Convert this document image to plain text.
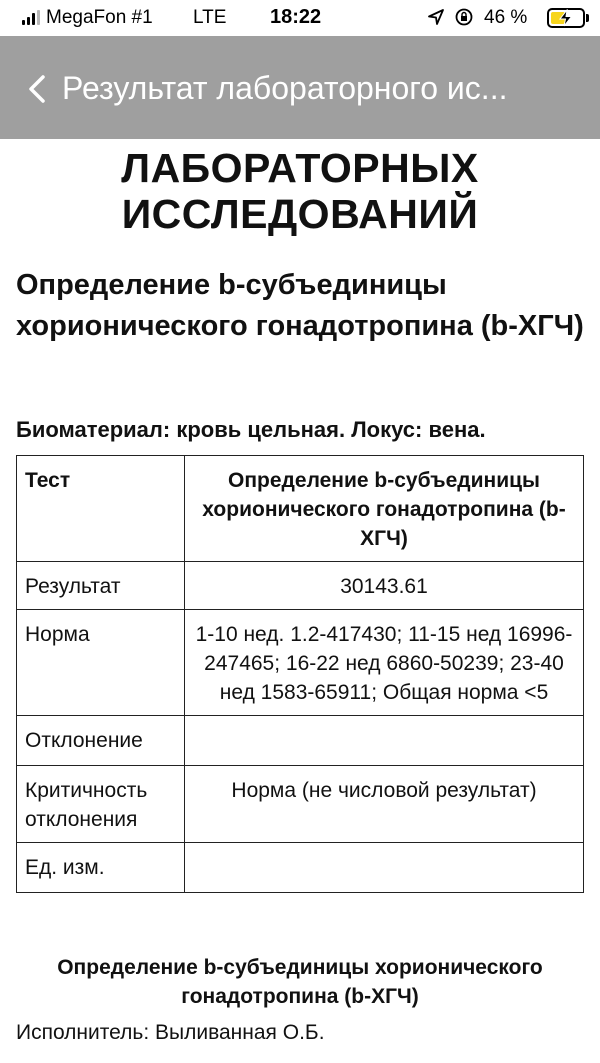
MegaFon #1 LTE 18:22	46 %
Результат лабораторного ис...
ЛАБОРАТОРНЫХ
ИССЛЕДОВАНИЙ
Определение b-субъединицы хорионического гонадотропина (b-ХГЧ)
Биоматериал: кровь цельная. Локус: вена.
Тест	Определение b-субъединицы хорионического гонадотропина (b-ХГЧ)
Результат	30143.61
Норма	1-10 нед. 1.2-417430; 11-15 нед 16996-247465; 16-22 нед 6860-50239; 23-40 нед 1583-65911; Общая норма <5
Отклонение	
Критичность отклонения	Норма (не числовой результат)
Ед. изм.	
Определение b-субъединицы хорионического гонадотропина (b-ХГЧ)
Исполнитель: Выливанная О.Б.
